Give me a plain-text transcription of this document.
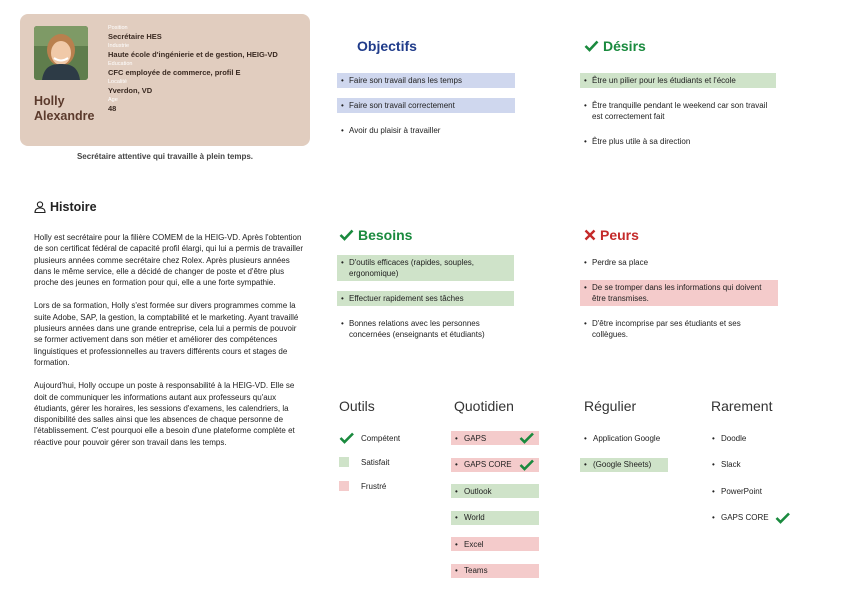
Holly
Alexandre
Position
Secrétaire HES
Industrie
Haute école d'ingénierie et de gestion, HEIG-VD
Education
CFC employée de commerce, profil E
Localité
Yverdon, VD
Age
48
Secrétaire attentive qui travaille à plein temps.
Histoire

Holly est secrétaire pour la filière COMEM de la HEIG-VD. Après l'obtention de son certificat fédéral de capacité profil élargi, qui lui a permis de travailler plusieurs années comme secrétaire chez Rolex. Après plusieurs années dans le même service, elle a décidé de changer de poste et d'être plus proche des jeunes en formation pour qui, elle a une forte sympathie.

Lors de sa formation, Holly s'est formée sur divers programmes comme la suite Adobe, SAP, la gestion, la comptabilité et le marketing. Ayant travaillé plusieurs années dans une grande entreprise, cela lui a permis de pouvoir se former activement dans son métier et améliorer des compétences linguistiques et professionnelles au travers différents cours et stages de formation.

Aujourd'hui, Holly occupe un poste à responsabilité à la HEIG-VD. Elle se doit de communiquer les informations autant aux professeurs qu'aux étudiants, gérer les horaires, les sessions d'examens, les calendriers, la disponibilité des salles ainsi que les absences de chaque personne de l'établissement. C'est pourquoi elle a besoin d'une plateforme complète et réactive pour pouvoir gérer son travail dans les temps.

Objectifs
• Faire son travail dans les temps
• Faire son travail correctement
• Avoir du plaisir à travailler
Désirs
• Être un pilier pour les étudiants et l'école
• Être tranquille pendant le weekend car son travail est correctement fait
• Être plus utile à sa direction
Besoins
• D'outils efficaces (rapides, souples, ergonomique)
• Effectuer rapidement ses tâches
• Bonnes relations avec les personnes concernées (enseignants et étudiants)
Peurs
• Perdre sa place
• De se tromper dans les informations qui doivent être transmises.
• D'être incomprise par ses étudiants et ses collègues.
Outils
Compétent
Satisfait
Frustré
Quotidien
• GAPS
• GAPS CORE
• Outlook
• World
• Excel
• Teams
Régulier
• Application Google
• (Google Sheets)
Rarement
• Doodle
• Slack
• PowerPoint
• GAPS CORE
